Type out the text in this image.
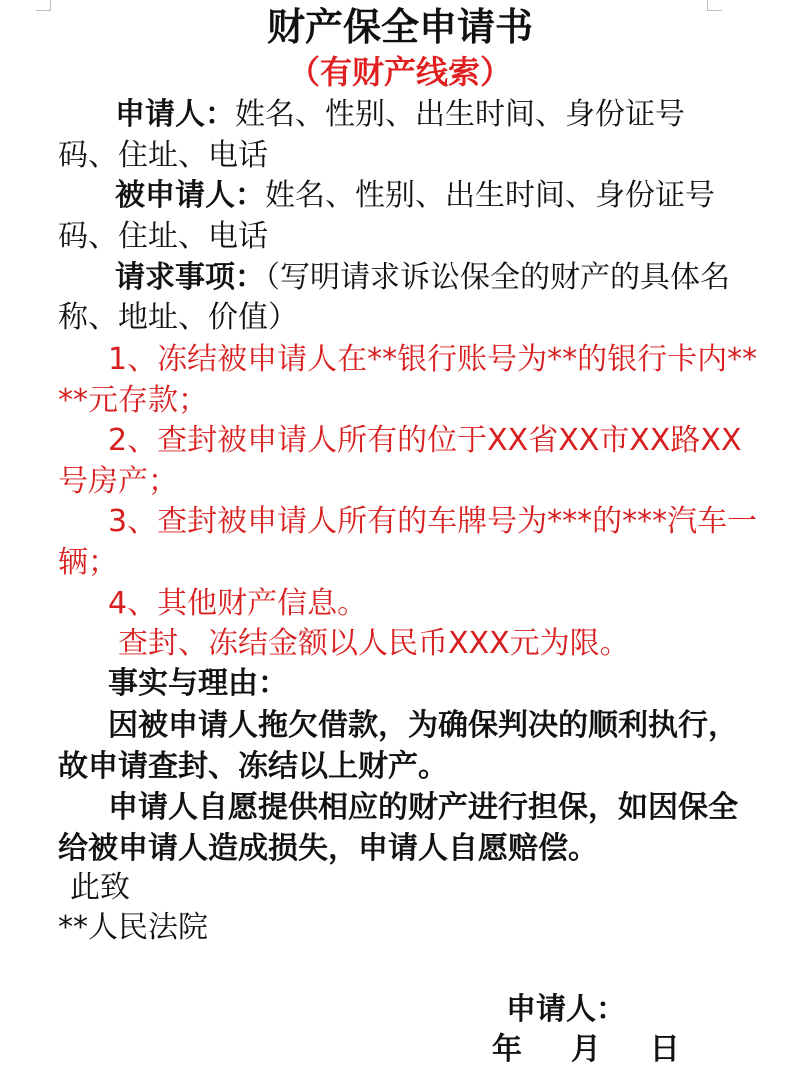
财产保全申请书
（有财产线索）
申请人：姓名、性别、出生时间、身份证号
码、住址、电话
被申请人：姓名、性别、出生时间、身份证号
码、住址、电话
请求事项：（写明请求诉讼保全的财产的具体名
称、地址、价值）
1、冻结被申请人在**银行账号为**的银行卡内**
**元存款；
2、查封被申请人所有的位于XX省XX市XX路XX
号房产；
3、查封被申请人所有的车牌号为***的***汽车一
辆；
4、其他财产信息。
查封、冻结金额以人民币XXX元为限。
事实与理由：
因被申请人拖欠借款，为确保判决的顺利执行，
故申请查封、冻结以上财产。
申请人自愿提供相应的财产进行担保，如因保全
给被申请人造成损失，申请人自愿赔偿。
此致
**人民法院
申请人：
年  月  日
